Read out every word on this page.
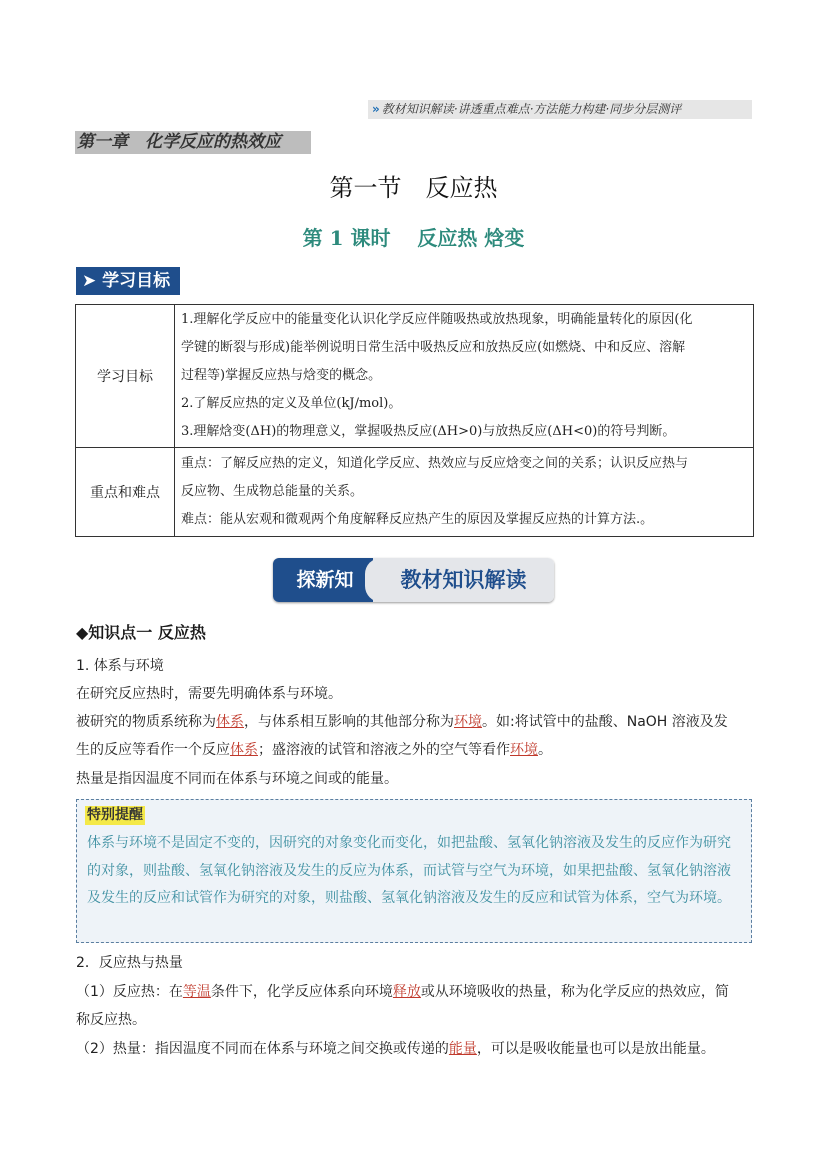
» 教材知识解读·讲透重点难点·方法能力构建·同步分层测评
第一章　化学反应的热效应
第一节　反应热
第 1 课时　 反应热 焓变
➤ 学习目标
学习目标	1.理解化学反应中的能量变化认识化学反应伴随吸热或放热现象，明确能量转化的原因(化
学键的断裂与形成)能举例说明日常生活中吸热反应和放热反应(如燃烧、中和反应、溶解
过程等)掌握反应热与焓变的概念。
2.了解反应热的定义及单位(kJ/mol)。
3.理解焓变(ΔH)的物理意义，掌握吸热反应(ΔH>0)与放热反应(ΔH<0)的符号判断。

重点和难点	重点：了解反应热的定义，知道化学反应、热效应与反应焓变之间的关系；认识反应热与
反应物、生成物总能量的关系。
难点：能从宏观和微观两个角度解释反应热产生的原因及掌握反应热的计算方法.。
探新知	教材知识解读
◆知识点一 反应热
1. 体系与环境
在研究反应热时，需要先明确体系与环境。
被研究的物质系统称为体系，与体系相互影响的其他部分称为环境。如:将试管中的盐酸、NaOH 溶液及发
生的反应等看作一个反应体系；盛溶液的试管和溶液之外的空气等看作环境。
热量是指因温度不同而在体系与环境之间或的能量。
特别提醒
体系与环境不是固定不变的，因研究的对象变化而变化，如把盐酸、氢氧化钠溶液及发生的反应作为研究的对象，则盐酸、氢氧化钠溶液及发生的反应为体系，而试管与空气为环境，如果把盐酸、氢氧化钠溶液及发生的反应和试管作为研究的对象，则盐酸、氢氧化钠溶液及发生的反应和试管为体系，空气为环境。
2．反应热与热量
（1）反应热：在等温条件下，化学反应体系向环境释放或从环境吸收的热量，称为化学反应的热效应，简
称反应热。
（2）热量：指因温度不同而在体系与环境之间交换或传递的能量，可以是吸收能量也可以是放出能量。
